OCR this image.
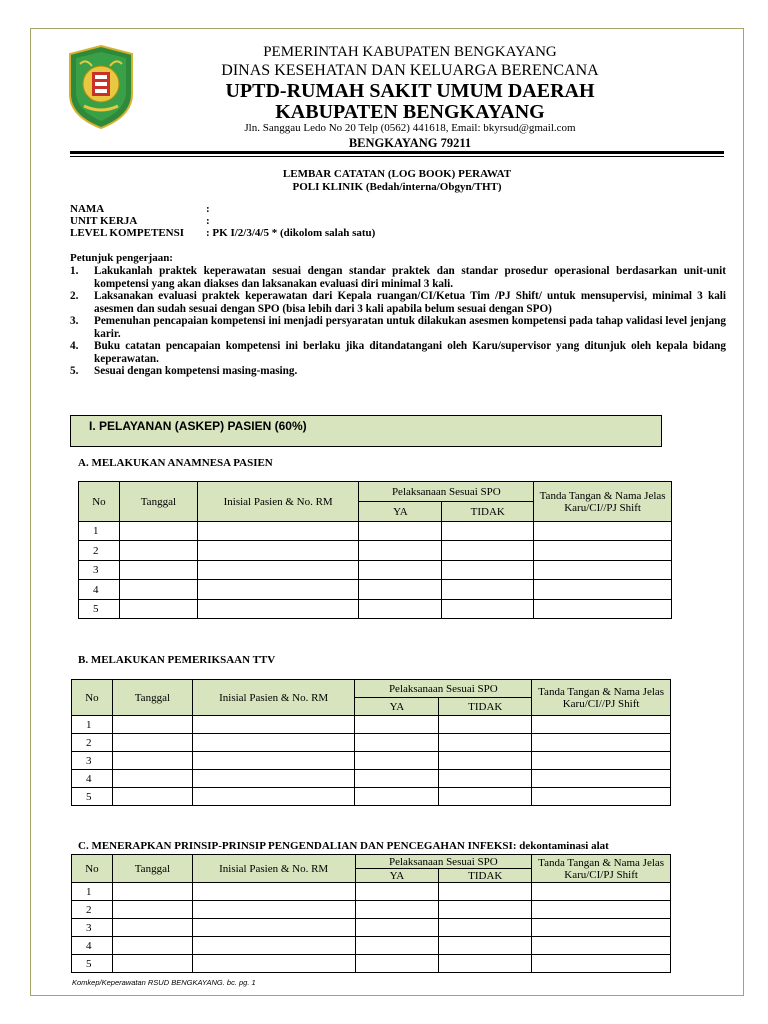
PEMERINTAH KABUPATEN BENGKAYANG
DINAS KESEHATAN DAN KELUARGA BERENCANA
UPTD-RUMAH SAKIT UMUM DAERAH
KABUPATEN BENGKAYANG
Jln. Sanggau Ledo No 20 Telp (0562) 441618, Email: bkyrsud@gmail.com
BENGKAYANG 79211
LEMBAR CATATAN (LOG BOOK) PERAWAT
POLI KLINIK (Bedah/interna/Obgyn/THT)
NAMA	:
UNIT KERJA	:
LEVEL KOMPETENSI : PK I/2/3/4/5 * (dikolom salah satu)
Petunjuk pengerjaan:
1.	Lakukanlah praktek keperawatan sesuai dengan standar praktek dan standar prosedur operasional berdasarkan unit-unit kompetensi yang akan diakses dan laksanakan evaluasi diri minimal 3 kali.
2.	Laksanakan evaluasi praktek keperawatan dari Kepala ruangan/CI/Ketua Tim /PJ Shift/ untuk mensupervisi, minimal 3 kali asesmen dan sudah sesuai dengan SPO (bisa lebih dari 3 kali apabila belum sesuai dengan SPO)
3.	Pemenuhan pencapaian kompetensi ini menjadi persyaratan untuk dilakukan asesmen kompetensi pada tahap validasi level jenjang karir.
4.	Buku catatan pencapaian kompetensi ini berlaku jika ditandatangani oleh Karu/supervisor yang ditunjuk oleh kepala bidang keperawatan.
5.	Sesuai dengan kompetensi masing-masing.
I. PELAYANAN (ASKEP) PASIEN (60%)
A. MELAKUKAN ANAMNESA PASIEN
No	Tanggal	Inisial Pasien & No. RM	Pelaksanaan Sesuai SPO		Tanda Tangan & Nama Jelas Karu/CI//PJ Shift
			YA	TIDAK	
1					
2					
3					
4					
5					
B. MELAKUKAN PEMERIKSAAN TTV
No	Tanggal	Inisial Pasien & No. RM	Pelaksanaan Sesuai SPO		Tanda Tangan & Nama Jelas Karu/CI//PJ Shift
			YA	TIDAK	
1					
2					
3					
4					
5					
C. MENERAPKAN PRINSIP-PRINSIP PENGENDALIAN DAN PENCEGAHAN INFEKSI: dekontaminasi alat
No	Tanggal	Inisial Pasien & No. RM	Pelaksanaan Sesuai SPO		Tanda Tangan & Nama Jelas Karu/CI/PJ Shift
			YA	TIDAK	
1					
2					
3					
4					
5					
Komkep/Keperawatan RSUD BENGKAYANG. bc. pg. 1
